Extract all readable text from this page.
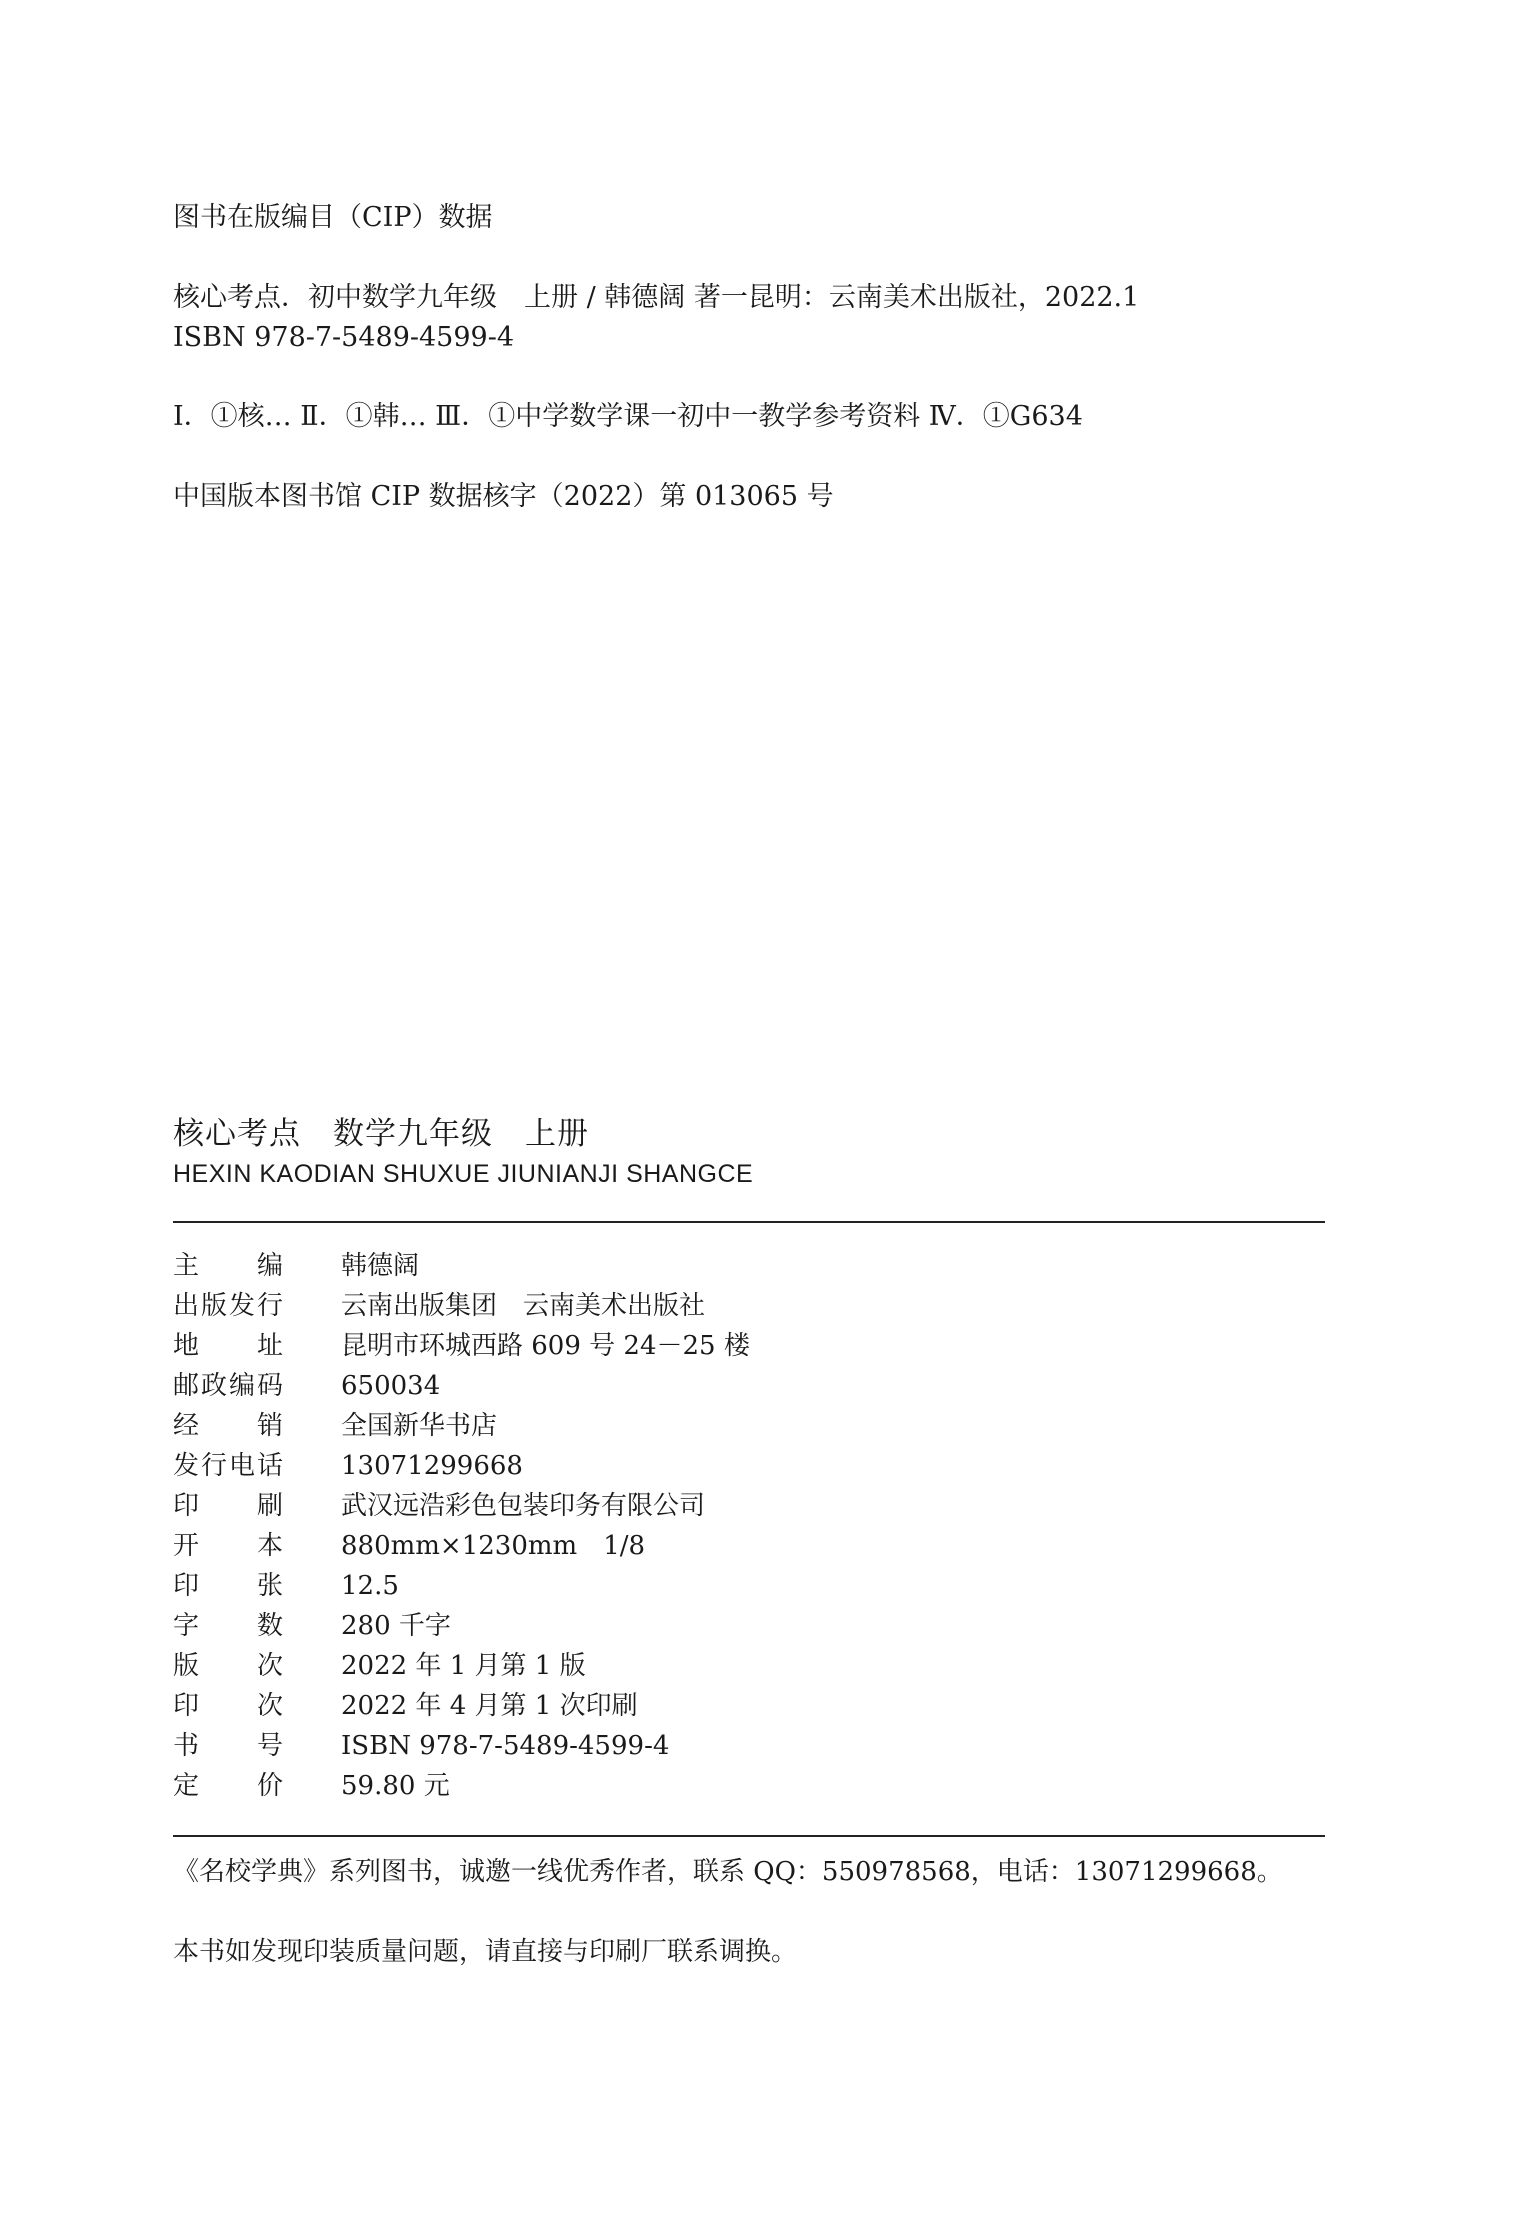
图书在版编目（CIP）数据
核心考点．初中数学九年级　上册 / 韩德阔 著一昆明：云南美术出版社，2022.1
ISBN 978-7-5489-4599-4
Ⅰ．①核… Ⅱ．①韩… Ⅲ．①中学数学课一初中一教学参考资料 Ⅳ．①G634
中国版本图书馆 CIP 数据核字（2022）第 013065 号
核心考点　数学九年级　上册
HEXIN KAODIAN SHUXUE JIUNIANJI SHANGCE
主 编 韩德阔
出 版 发 行 云南出版集团　云南美术出版社
地 址 昆明市环城西路 609 号 24－25 楼
邮 政 编 码 650034
经 销 全国新华书店
发 行 电 话 13071299668
印 刷 武汉远浩彩色包装印务有限公司
开 本 880mm×1230mm　1/8
印 张 12.5
字 数 280 千字
版 次 2022 年 1 月第 1 版
印 次 2022 年 4 月第 1 次印刷
书 号 ISBN 978-7-5489-4599-4
定 价 59.80 元
《名校学典》系列图书，诚邀一线优秀作者，联系 QQ：550978568，电话：13071299668。
本书如发现印装质量问题，请直接与印刷厂联系调换。
